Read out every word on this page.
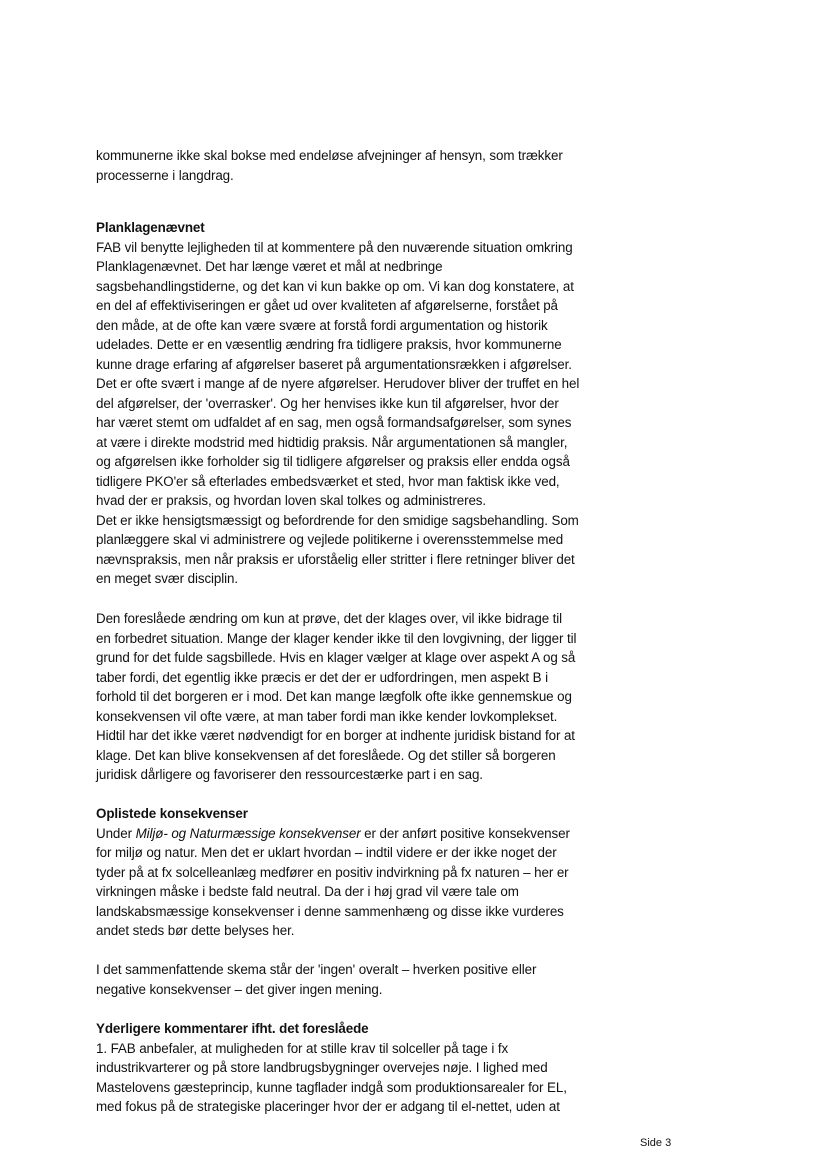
kommunerne ikke skal bokse med endeløse afvejninger af hensyn, som trækker
processerne i langdrag.
Planklagenævnet
FAB vil benytte lejligheden til at kommentere på den nuværende situation omkring
Planklagenævnet. Det har længe været et mål at nedbringe
sagsbehandlingstiderne, og det kan vi kun bakke op om. Vi kan dog konstatere, at
en del af effektiviseringen er gået ud over kvaliteten af afgørelserne, forstået på
den måde, at de ofte kan være svære at forstå fordi argumentation og historik
udelades. Dette er en væsentlig ændring fra tidligere praksis, hvor kommunerne
kunne drage erfaring af afgørelser baseret på argumentationsrækken i afgørelser.
Det er ofte svært i mange af de nyere afgørelser. Herudover bliver der truffet en hel
del afgørelser, der 'overrasker'. Og her henvises ikke kun til afgørelser, hvor der
har været stemt om udfaldet af en sag, men også formandsafgørelser, som synes
at være i direkte modstrid med hidtidig praksis. Når argumentationen så mangler,
og afgørelsen ikke forholder sig til tidligere afgørelser og praksis eller endda også
tidligere PKO'er så efterlades embedsværket et sted, hvor man faktisk ikke ved,
hvad der er praksis, og hvordan loven skal tolkes og administreres.
Det er ikke hensigtsmæssigt og befordrende for den smidige sagsbehandling. Som
planlæggere skal vi administrere og vejlede politikerne i overensstemmelse med
nævnspraksis, men når praksis er uforståelig eller stritter i flere retninger bliver det
en meget svær disciplin.
Den foreslåede ændring om kun at prøve, det der klages over, vil ikke bidrage til
en forbedret situation. Mange der klager kender ikke til den lovgivning, der ligger til
grund for det fulde sagsbillede. Hvis en klager vælger at klage over aspekt A og så
taber fordi, det egentlig ikke præcis er det der er udfordringen, men aspekt B i
forhold til det borgeren er i mod. Det kan mange lægfolk ofte ikke gennemskue og
konsekvensen vil ofte være, at man taber fordi man ikke kender lovkomplekset.
Hidtil har det ikke været nødvendigt for en borger at indhente juridisk bistand for at
klage. Det kan blive konsekvensen af det foreslåede. Og det stiller så borgeren
juridisk dårligere og favoriserer den ressourcestærke part i en sag.
Oplistede konsekvenser
Under Miljø- og Naturmæssige konsekvenser er der anført positive konsekvenser
for miljø og natur. Men det er uklart hvordan – indtil videre er der ikke noget der
tyder på at fx solcelleanlæg medfører en positiv indvirkning på fx naturen – her er
virkningen måske i bedste fald neutral. Da der i høj grad vil være tale om
landskabsmæssige konsekvenser i denne sammenhæng og disse ikke vurderes
andet steds bør dette belyses her.
I det sammenfattende skema står der 'ingen' overalt – hverken positive eller
negative konsekvenser – det giver ingen mening.
Yderligere kommentarer ifht. det foreslåede
1. FAB anbefaler, at muligheden for at stille krav til solceller på tage i fx
industrikvarterer og på store landbrugsbygninger overvejes nøje. I lighed med
Mastelovens gæsteprincip, kunne tagflader indgå som produktionsarealer for EL,
med fokus på de strategiske placeringer hvor der er adgang til el-nettet, uden at
Side 3
